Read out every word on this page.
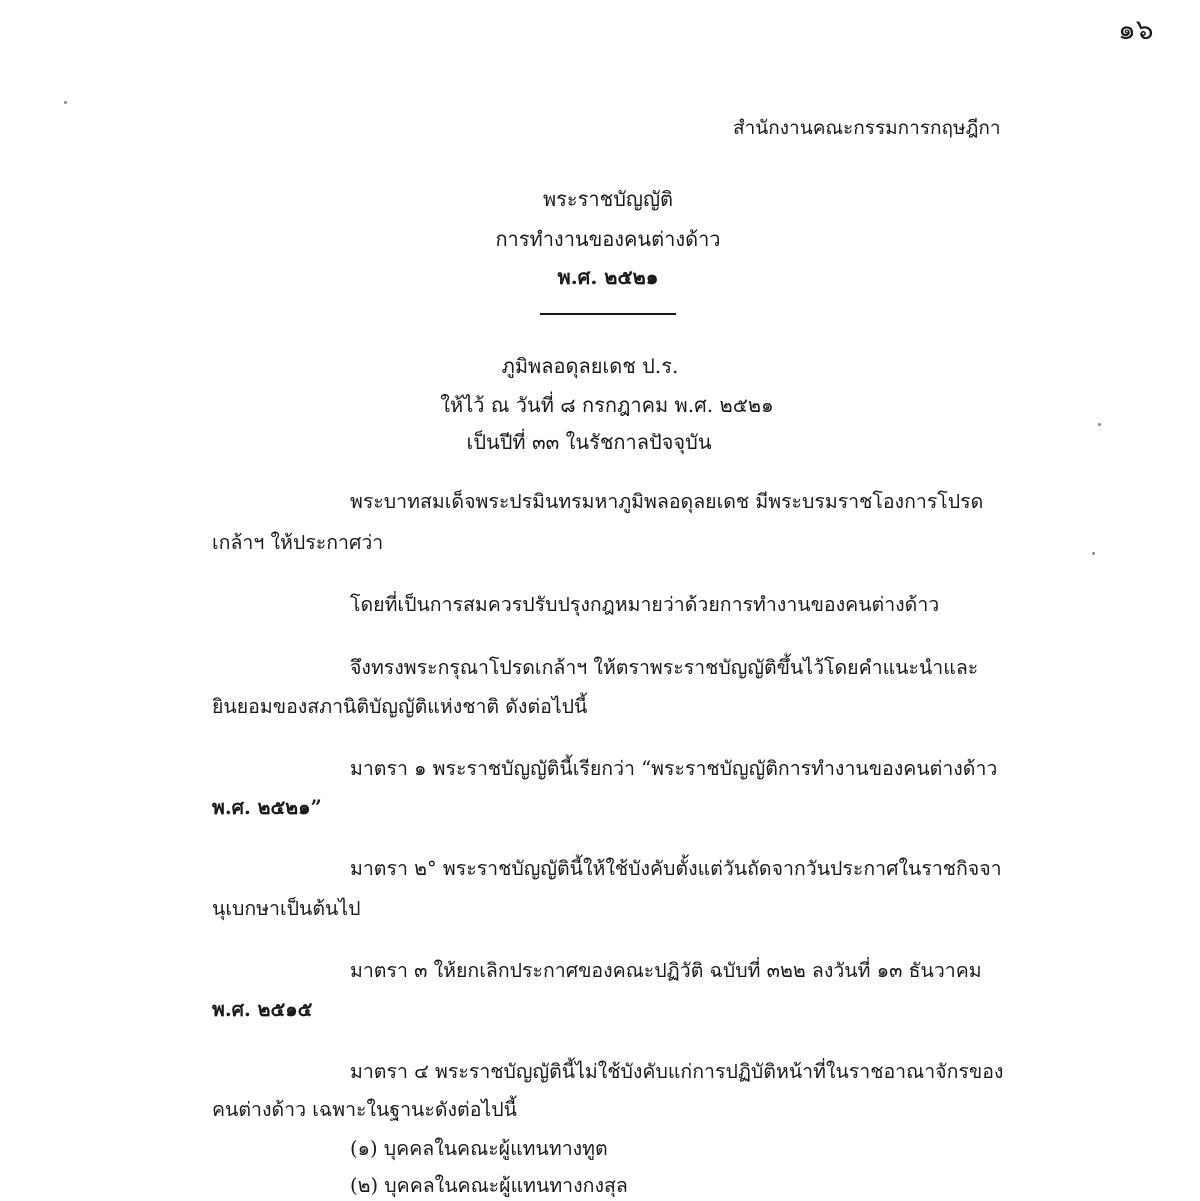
๑๖
สำนักงานคณะกรรมการกฤษฎีกา
พระราชบัญญัติ
การทำงานของคนต่างด้าว
พ.ศ. ๒๕๒๑
ภูมิพลอดุลยเดช ป.ร.
ให้ไว้ ณ วันที่ ๘ กรกฎาคม พ.ศ. ๒๕๒๑
เป็นปีที่ ๓๓ ในรัชกาลปัจจุบัน
พระบาทสมเด็จพระปรมินทรมหาภูมิพลอดุลยเดช มีพระบรมราชโองการโปรด
เกล้าฯ ให้ประกาศว่า
โดยที่เป็นการสมควรปรับปรุงกฎหมายว่าด้วยการทำงานของคนต่างด้าว
จึงทรงพระกรุณาโปรดเกล้าฯ ให้ตราพระราชบัญญัติขึ้นไว้โดยคำแนะนำและ
ยินยอมของสภานิติบัญญัติแห่งชาติ ดังต่อไปนี้
มาตรา ๑ พระราชบัญญัตินี้เรียกว่า “พระราชบัญญัติการทำงานของคนต่างด้าว
พ.ศ. ๒๕๒๑”
มาตรา ๒° พระราชบัญญัตินี้ให้ใช้บังคับตั้งแต่วันถัดจากวันประกาศในราชกิจจา
นุเบกษาเป็นต้นไป
มาตรา ๓ ให้ยกเลิกประกาศของคณะปฏิวัติ ฉบับที่ ๓๒๒ ลงวันที่ ๑๓ ธันวาคม
พ.ศ. ๒๕๑๕
มาตรา ๔ พระราชบัญญัตินี้ไม่ใช้บังคับแก่การปฏิบัติหน้าที่ในราชอาณาจักรของ
คนต่างด้าว เฉพาะในฐานะดังต่อไปนี้
(๑) บุคคลในคณะผู้แทนทางทูต
(๒) บุคคลในคณะผู้แทนทางกงสุล
